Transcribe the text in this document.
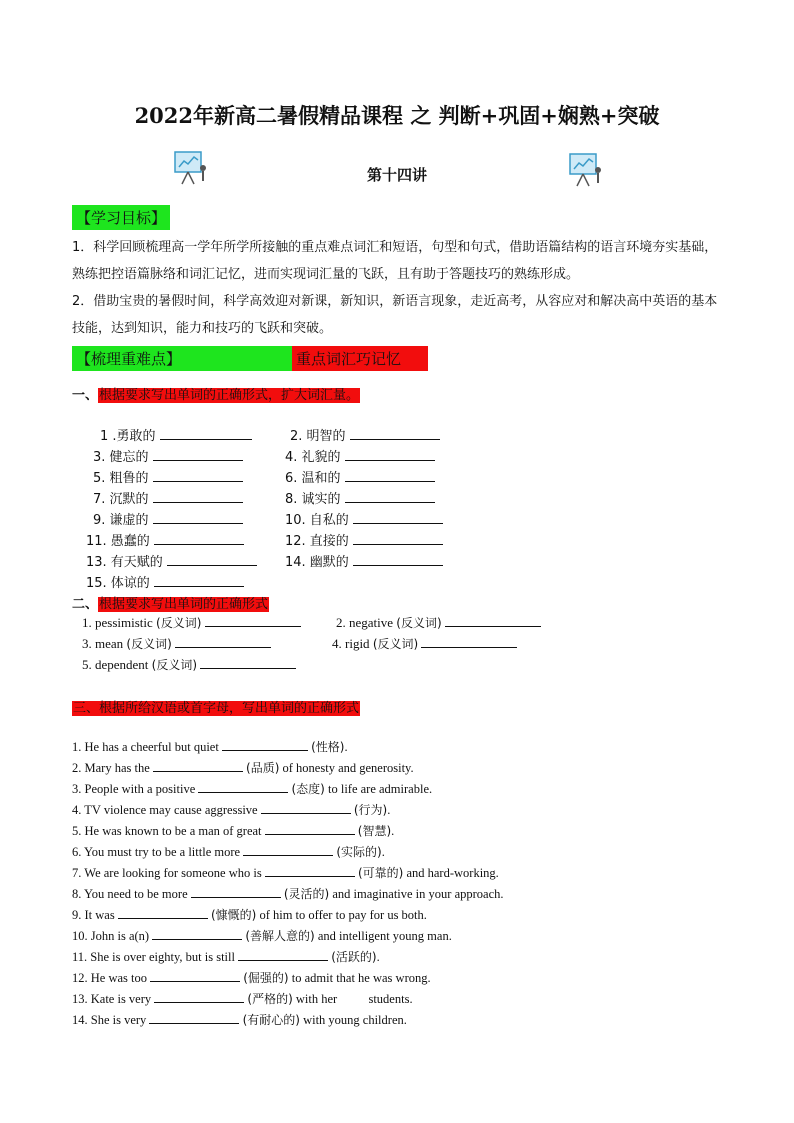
2022年新高二暑假精品课程 之 判断+巩固+娴熟+突破
第十四讲
【学习目标】
1．科学回顾梳理高一学年所学所接触的重点难点词汇和短语，句型和句式，借助语篇结构的语言环境夯实基础，熟练把控语篇脉络和词汇记忆，进而实现词汇量的飞跃，且有助于答题技巧的熟练形成。
2．借助宝贵的暑假时间，科学高效迎对新课，新知识，新语言现象，走近高考，从容应对和解决高中英语的基本技能，达到知识，能力和技巧的飞跃和突破。
【梳理重难点】	重点词汇巧记忆
一、根据要求写出单词的正确形式，扩大词汇量。
1 .勇敢的	2. 明智的
3. 健忘的	4. 礼貌的
5. 粗鲁的	6. 温和的
7. 沉默的	8. 诚实的
9. 谦虚的	10. 自私的
11. 愚蠢的	12. 直接的
13. 有天赋的	14. 幽默的
15. 体谅的
二、根据要求写出单词的正确形式
1. pessimistic (反义词)	2. negative (反义词)
3. mean (反义词)	4. rigid (反义词)
5. dependent (反义词)
三、根据所给汉语或首字母，写出单词的正确形式
1. He has a cheerful but quiet	(性格).
2. Mary has the	(品质) of honesty and generosity.
3. People with a positive	(态度) to life are admirable.
4. TV violence may cause aggressive	(行为).
5. He was known to be a man of great	(智慧).
6. You must try to be a little more	(实际的).
7. We are looking for someone who is	(可靠的) and hard-working.
8. You need to be more	(灵活的) and imaginative in your approach.
9. It was	(慷慨的) of him to offer to pay for us both.
10. John is a(n)	(善解人意的) and intelligent young man.
11. She is over eighty, but is still	(活跃的).
12. He was too	(倔强的) to admit that he was wrong.
13. Kate is very	(严格的) with her          students.
14. She is very	(有耐心的) with young children.
